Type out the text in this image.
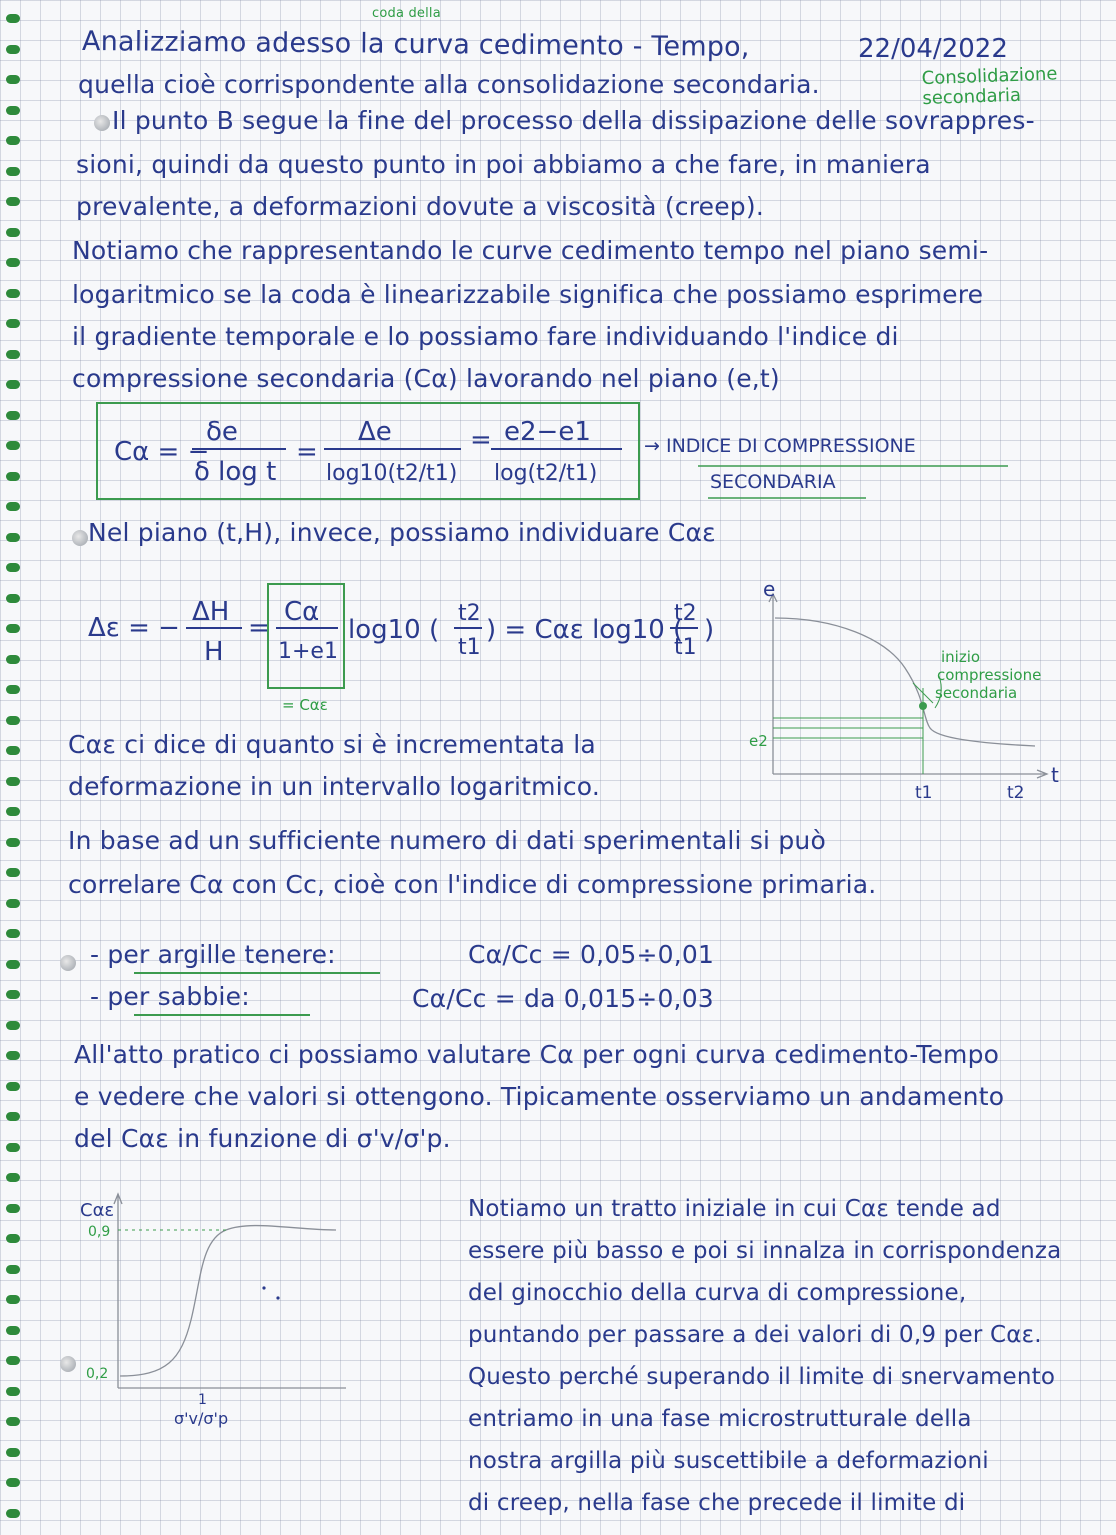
coda della
Analizziamo adesso la curva cedimento - Tempo,	22/04/2022
quella cioè corrispondente alla consolidazione secondaria.	Consolidazione secondaria
Il punto B segue la fine del processo della dissipazione delle sovrappres-
sioni, quindi da questo punto in poi abbiamo a che fare, in maniera
prevalente, a deformazioni dovute a viscosità (creep).
Notiamo che rappresentando le curve cedimento tempo nel piano semi-
logaritmico se la coda è linearizzabile significa che possiamo esprimere
il gradiente temporale e lo possiamo fare individuando l'indice di
compressione secondaria (Cα) lavorando nel piano (e,t)
Cα = −
δe
δ log t
=
Δe
log10(t2/t1)
= e2−e1
log(t2/t1)
→ INDICE DI COMPRESSIONE
SECONDARIA
Nel piano (t,H), invece, possiamo individuare Cαε
Δε = −
ΔH
H
=
Cα
1+e1
log10 (
t2
t1
) = Cαε log10 (
t2
t1
)
= Cαε
e
t
t1	t2
e2
inizio
compressione
secondaria
Cαε ci dice di quanto si è incrementata la
deformazione in un intervallo logaritmico.
In base ad un sufficiente numero di dati sperimentali si può
correlare Cα con Cc, cioè con l'indice di compressione primaria.
- per argille tenere:	Cα/Cc = 0,05÷0,01
- per sabbie:	Cα/Cc = da 0,015÷0,03
All'atto pratico ci possiamo valutare Cα per ogni curva cedimento-Tempo
e vedere che valori si ottengono. Tipicamente osserviamo un andamento
del Cαε in funzione di σ'v/σ'p.
Cαε
σ'v/σ'p
1
0,9
0,2
Notiamo un tratto iniziale in cui Cαε tende ad
essere più basso e poi si innalza in corrispondenza
del ginocchio della curva di compressione,
puntando per passare a dei valori di 0,9 per Cαε.
Questo perché superando il limite di snervamento
entriamo in una fase microstrutturale della
nostra argilla più suscettibile a deformazioni
di creep, nella fase che precede il limite di
